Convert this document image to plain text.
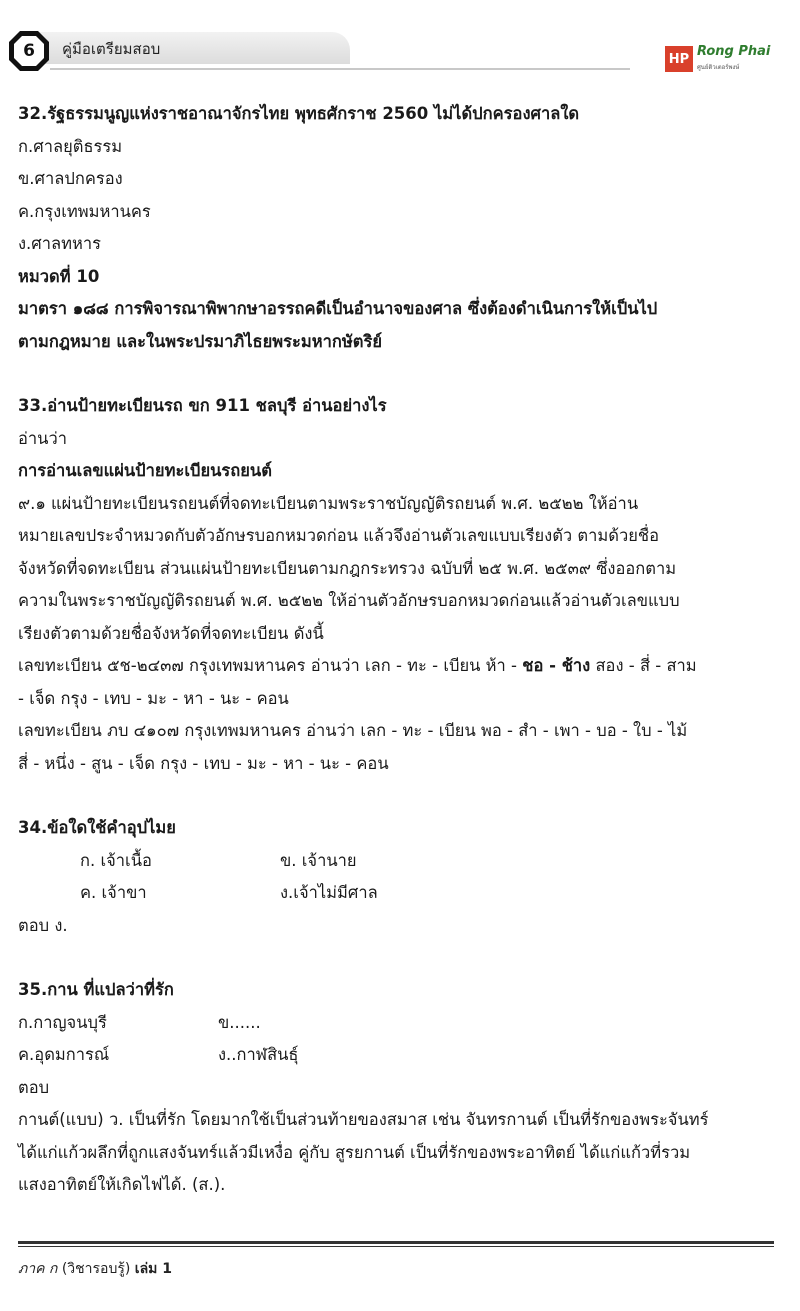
6	คู่มือเตรียมสอบ
HP Rong Phai
ศูนย์ติวเตอร์พงษ์

32.รัฐธรรมนูญแห่งราชอาณาจักรไทย พุทธศักราช 2560 ไม่ได้ปกครองศาลใด

ก.ศาลยุติธรรม

ข.ศาลปกครอง

ค.กรุงเทพมหานคร

ง.ศาลทหาร

หมวดที่ 10

มาตรา ๑๘๘ การพิจารณาพิพากษาอรรถคดีเป็นอำนาจของศาล ซึ่งต้องดำเนินการให้เป็นไป

ตามกฎหมาย และในพระปรมาภิไธยพระมหากษัตริย์

33.อ่านป้ายทะเบียนรถ ขก 911 ชลบุรี อ่านอย่างไร

อ่านว่า

การอ่านเลขแผ่นป้ายทะเบียนรถยนต์

๙.๑ แผ่นป้ายทะเบียนรถยนต์ที่จดทะเบียนตามพระราชบัญญัติรถยนต์ พ.ศ. ๒๕๒๒ ให้อ่าน

หมายเลขประจำหมวดกับตัวอักษรบอกหมวดก่อน แล้วจึงอ่านตัวเลขแบบเรียงตัว ตามด้วยชื่อ

จังหวัดที่จดทะเบียน ส่วนแผ่นป้ายทะเบียนตามกฎกระทรวง ฉบับที่ ๒๕ พ.ศ. ๒๕๓๙ ซึ่งออกตาม

ความในพระราชบัญญัติรถยนต์ พ.ศ. ๒๕๒๒ ให้อ่านตัวอักษรบอกหมวดก่อนแล้วอ่านตัวเลขแบบ

เรียงตัวตามด้วยชื่อจังหวัดที่จดทะเบียน ดังนี้

เลขทะเบียน ๕ช-๒๔๓๗ กรุงเทพมหานคร อ่านว่า เลก - ทะ - เบียน ห้า - ชอ - ช้าง สอง - สี่ - สาม

- เจ็ด กรุง - เทบ - มะ - หา - นะ - คอน

เลขทะเบียน ภบ ๔๑๐๗ กรุงเทพมหานคร อ่านว่า เลก - ทะ - เบียน พอ - สำ - เพา - บอ - ใบ - ไม้

สี่ - หนึ่ง - สูน - เจ็ด กรุง - เทบ - มะ - หา - นะ - คอน

34.ข้อใดใช้คำอุปไมย

ก. เจ้าเนื้อ	ข. เจ้านาย

ค. เจ้าขา	ง.เจ้าไม่มีศาล

ตอบ ง.

35.กาน ที่แปลว่าที่รัก

ก.กาญจนบุรี	ข......

ค.อุดมการณ์	ง..กาฬสินธุ์

ตอบ

กานต์(แบบ) ว. เป็นที่รัก โดยมากใช้เป็นส่วนท้ายของสมาส เช่น จันทรกานต์ เป็นที่รักของพระจันทร์

ได้แก่แก้วผลึกที่ถูกแสงจันทร์แล้วมีเหงื่อ คู่กับ สูรยกานต์ เป็นที่รักของพระอาทิตย์ ได้แก่แก้วที่รวม

แสงอาทิตย์ให้เกิดไฟได้. (ส.).

ภาค ก (วิชารอบรู้) เล่ม 1
